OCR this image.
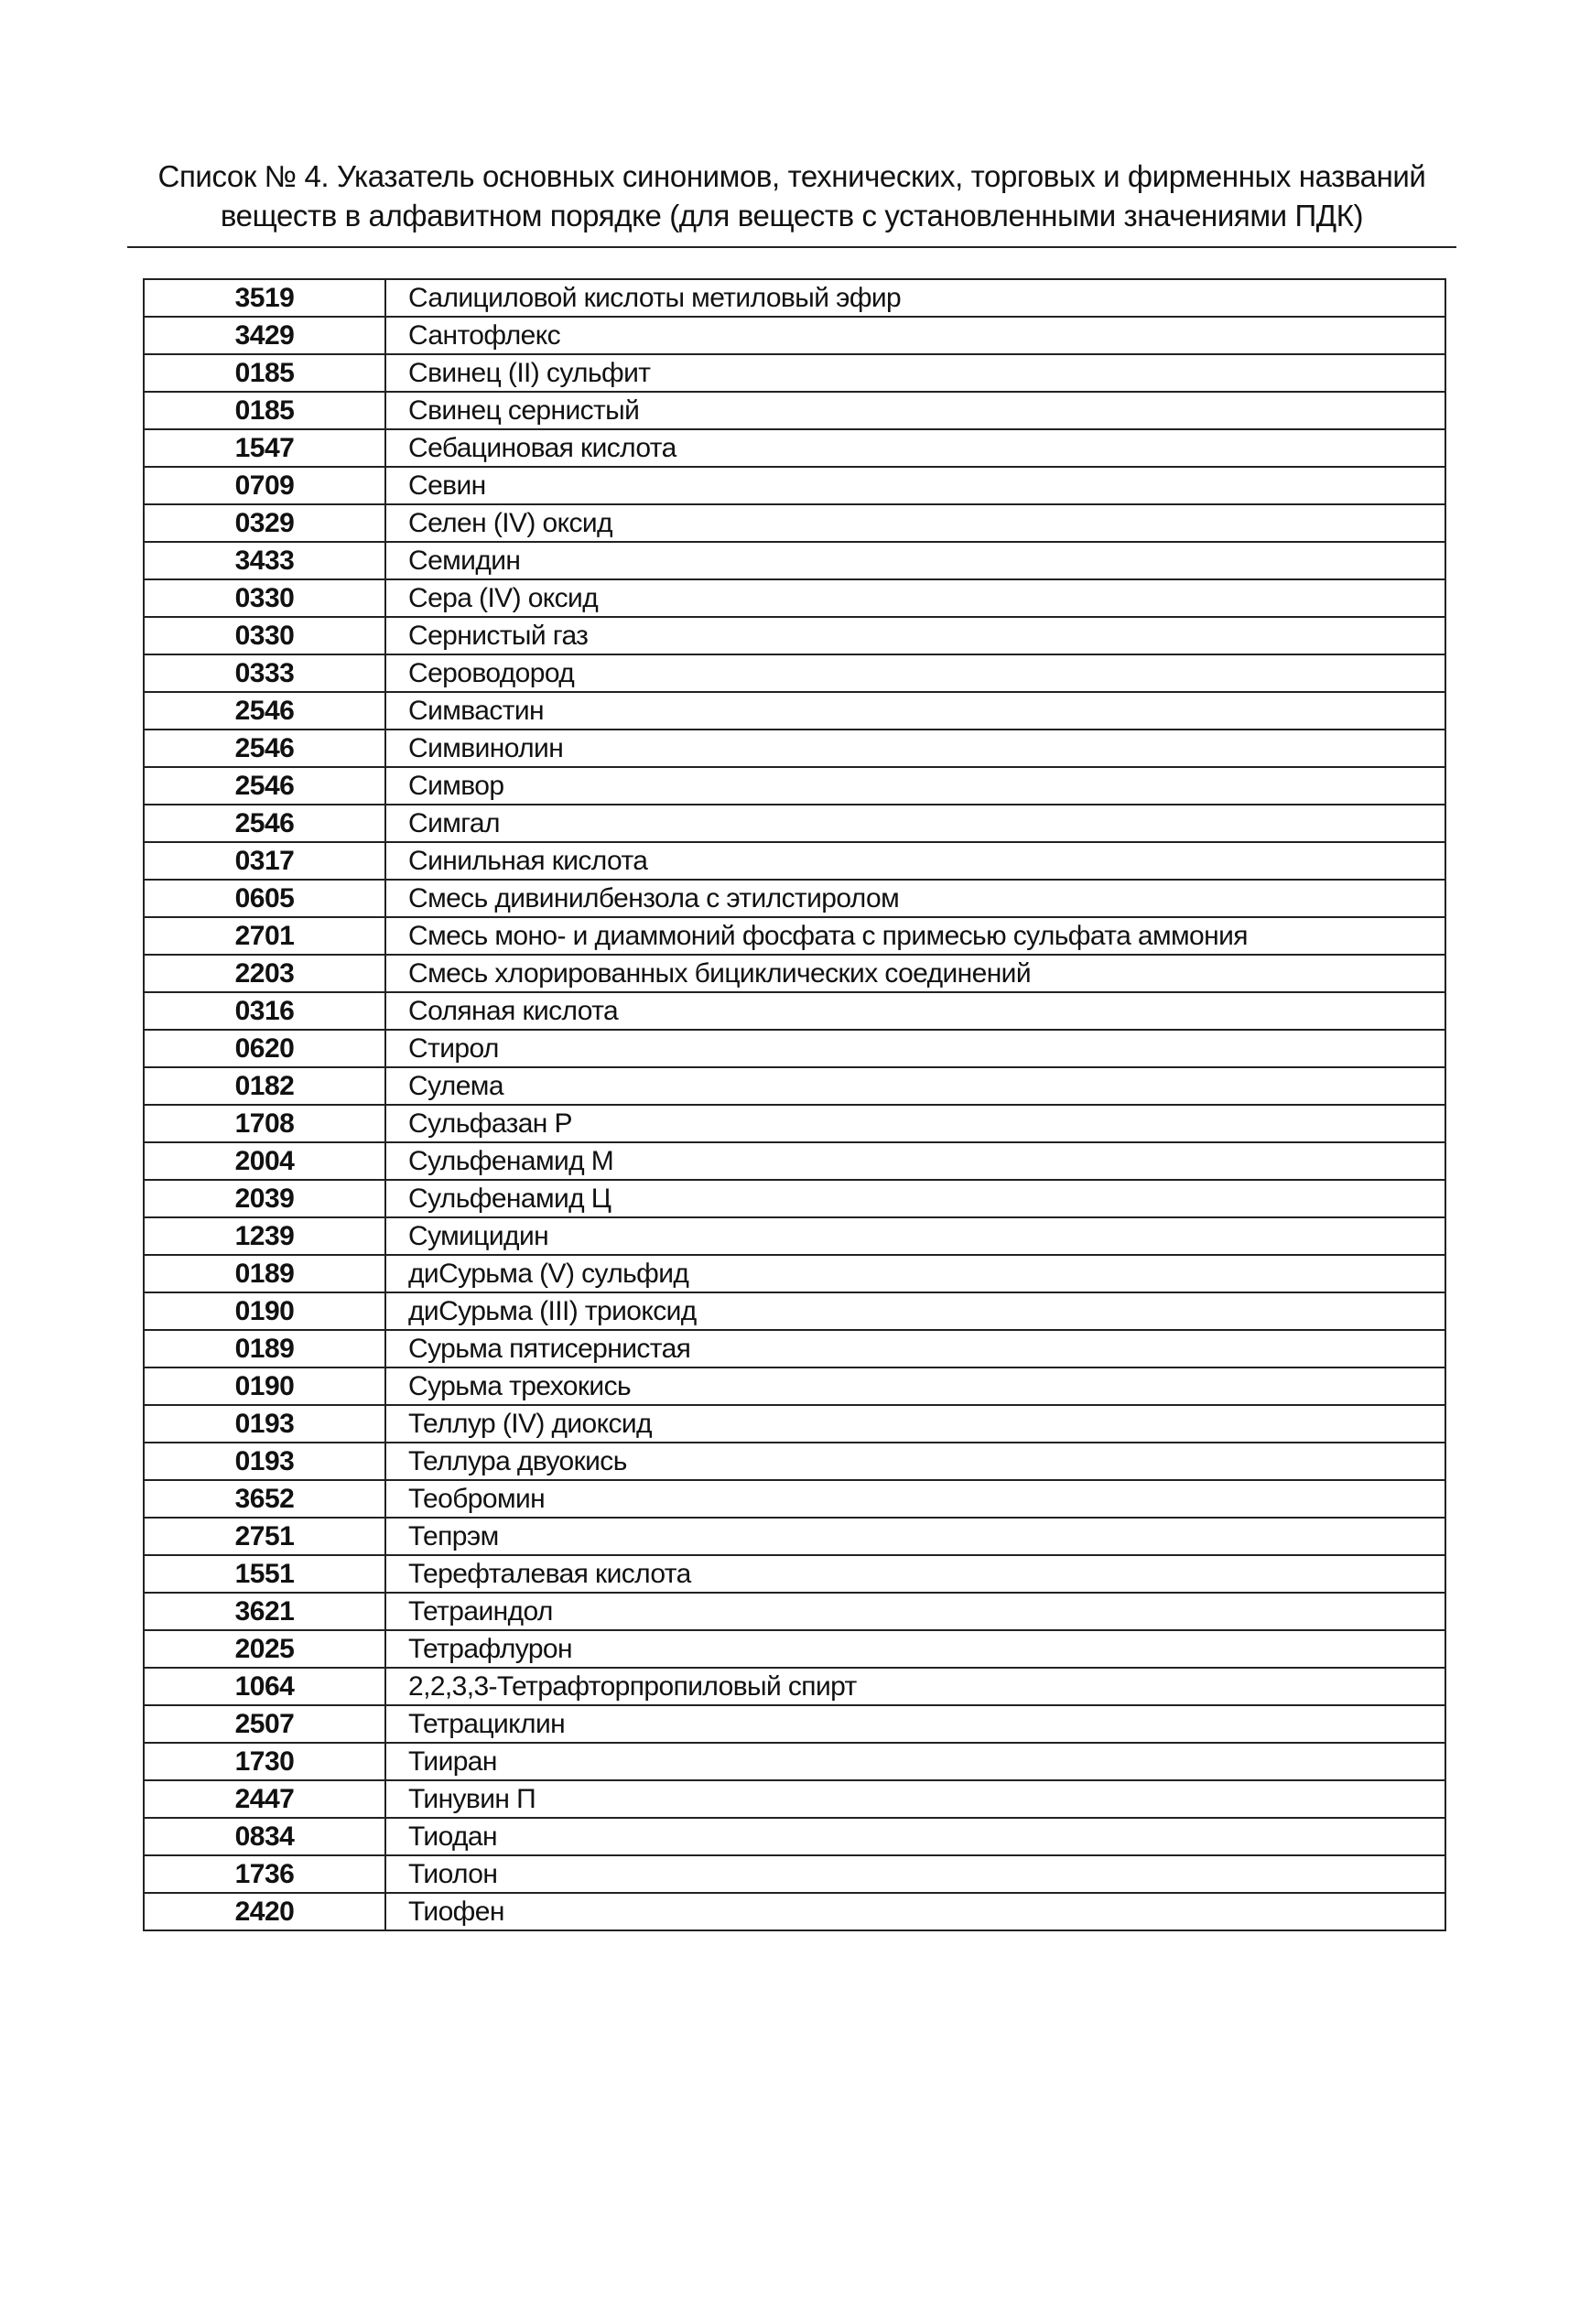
Список № 4. Указатель основных синонимов, технических, торговых и фирменных названий
веществ в алфавитном порядке (для веществ с установленными значениями ПДК)
3519	Салициловой кислоты метиловый эфир
3429	Сантофлекс
0185	Свинец (II) сульфит
0185	Свинец сернистый
1547	Себациновая кислота
0709	Севин
0329	Селен (IV) оксид
3433	Семидин
0330	Сера (IV) оксид
0330	Сернистый газ
0333	Сероводород
2546	Симвастин
2546	Симвинолин
2546	Симвор
2546	Симгал
0317	Синильная кислота
0605	Смесь дивинилбензола с этилстиролом
2701	Смесь моно- и диаммоний фосфата с примесью сульфата аммония
2203	Смесь хлорированных бициклических соединений
0316	Соляная кислота
0620	Стирол
0182	Сулема
1708	Сульфазан Р
2004	Сульфенамид М
2039	Сульфенамид Ц
1239	Сумицидин
0189	диСурьма (V) сульфид
0190	диСурьма (III) триоксид
0189	Сурьма пятисернистая
0190	Сурьма трехокись
0193	Теллур (IV) диоксид
0193	Теллура двуокись
3652	Теобромин
2751	Тепрэм
1551	Терефталевая кислота
3621	Тетраиндол
2025	Тетрафлурон
1064	2,2,3,3-Тетрафторпропиловый спирт
2507	Тетрациклин
1730	Тииран
2447	Тинувин П
0834	Тиодан
1736	Тиолон
2420	Тиофен
